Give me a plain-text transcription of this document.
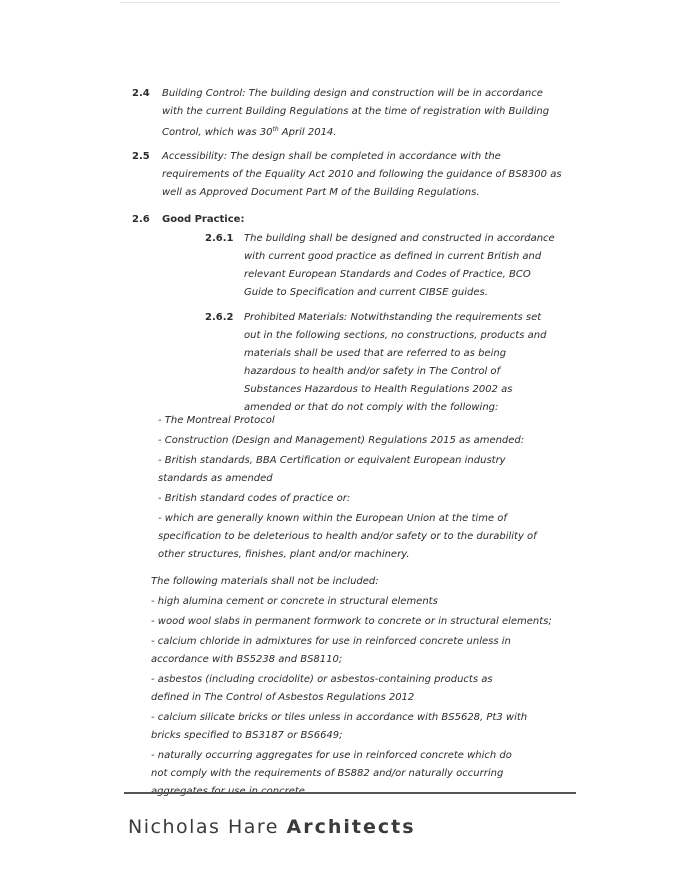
2.4 Building Control: The building design and construction will be in accordance with the current Building Regulations at the time of registration with Building Control, which was 30th April 2014.
2.5 Accessibility: The design shall be completed in accordance with the requirements of the Equality Act 2010 and following the guidance of BS8300 as well as Approved Document Part M of the Building Regulations.
2.6 Good Practice:
2.6.1 The building shall be designed and constructed in accordance with current good practice as defined in current British and relevant European Standards and Codes of Practice, BCO Guide to Specification and current CIBSE guides.
2.6.2 Prohibited Materials: Notwithstanding the requirements set out in the following sections, no constructions, products and materials shall be used that are referred to as being hazardous to health and/or safety in The Control of Substances Hazardous to Health Regulations 2002 as amended or that do not comply with the following:
- The Montreal Protocol
- Construction (Design and Management) Regulations 2015 as amended:
- British standards, BBA Certification or equivalent European industry standards as amended
- British standard codes of practice or:
- which are generally known within the European Union at the time of specification to be deleterious to health and/or safety or to the durability of other structures, finishes, plant and/or machinery.
The following materials shall not be included:
- high alumina cement or concrete in structural elements
- wood wool slabs in permanent formwork to concrete or in structural elements;
- calcium chloride in admixtures for use in reinforced concrete unless in accordance with BS5238 and BS8110;
- asbestos (including crocidolite) or asbestos-containing products as defined in The Control of Asbestos Regulations 2012
- calcium silicate bricks or tiles unless in accordance with BS5628, Pt3 with bricks specified to BS3187 or BS6649;
- naturally occurring aggregates for use in reinforced concrete which do not comply with the requirements of BS882 and/or naturally occurring
Nicholas Hare Architects
